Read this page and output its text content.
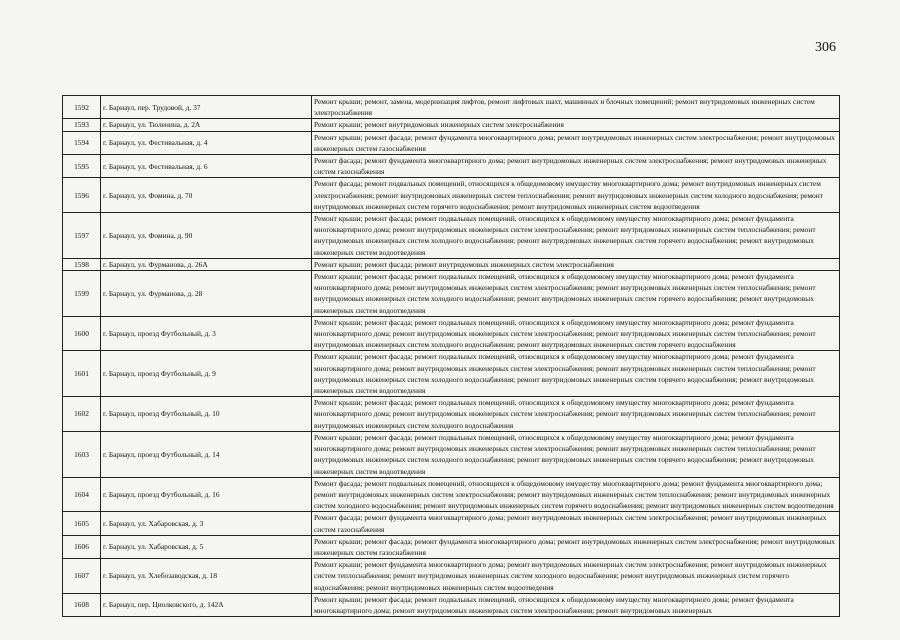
306
1592	г. Барнаул, пер. Трудовой, д. 37	Ремонт крыши; ремонт, замена, модернизация лифтов, ремонт лифтовых шахт, машинных и блочных помещений; ремонт внутридомовых инженерных систем электроснабжения
1593	г. Барнаул, ул. Тюленина, д. 2А	Ремонт крыши; ремонт внутридомовых инженерных систем электроснабжения
1594	г. Барнаул, ул. Фестивальная, д. 4	Ремонт крыши; ремонт фасада; ремонт фундамента многоквартирного дома; ремонт внутридомовых инженерных систем электроснабжения; ремонт внутридомовых инженерных систем газоснабжения
1595	г. Барнаул, ул. Фестивальная, д. 6	Ремонт фасада; ремонт фундамента многоквартирного дома; ремонт внутридомовых инженерных систем электроснабжения; ремонт внутридомовых инженерных систем газоснабжения
1596	г. Барнаул, ул. Фомина, д. 70	Ремонт фасада; ремонт подвальных помещений, относящихся к общедомовому имуществу многоквартирного дома; ремонт внутридомовых инженерных систем электроснабжения; ремонт внутридомовых инженерных систем теплоснабжения; ремонт внутридомовых инженерных систем холодного водоснабжения; ремонт внутридомовых инженерных систем горячего водоснабжения; ремонт внутридомовых инженерных систем водоотведения
1597	г. Барнаул, ул. Фомина, д. 90	Ремонт крыши; ремонт фасада; ремонт подвальных помещений, относящихся к общедомовому имуществу многоквартирного дома; ремонт фундамента многоквартирного дома; ремонт внутридомовых инженерных систем электроснабжения; ремонт внутридомовых инженерных систем теплоснабжения; ремонт внутридомовых инженерных систем холодного водоснабжения; ремонт внутридомовых инженерных систем горячего водоснабжения; ремонт внутридомовых инженерных систем водоотведения
1598	г. Барнаул, ул. Фурманова, д. 26А	Ремонт крыши; ремонт фасада; ремонт внутридомовых инженерных систем электроснабжения
1599	г. Барнаул, ул. Фурманова, д. 28	Ремонт крыши; ремонт фасада; ремонт подвальных помещений, относящихся к общедомовому имуществу многоквартирного дома; ремонт фундамента многоквартирного дома; ремонт внутридомовых инженерных систем электроснабжения; ремонт внутридомовых инженерных систем теплоснабжения; ремонт внутридомовых инженерных систем холодного водоснабжения; ремонт внутридомовых инженерных систем горячего водоснабжения; ремонт внутридомовых инженерных систем водоотведения
1600	г. Барнаул, проезд Футбольный, д. 3	Ремонт крыши; ремонт фасада; ремонт подвальных помещений, относящихся к общедомовому имуществу многоквартирного дома; ремонт фундамента многоквартирного дома; ремонт внутридомовых инженерных систем электроснабжения; ремонт внутридомовых инженерных систем теплоснабжения; ремонт внутридомовых инженерных систем холодного водоснабжения; ремонт внутридомовых инженерных систем горячего водоснабжения
1601	г. Барнаул, проезд Футбольный, д. 9	Ремонт крыши; ремонт фасада; ремонт подвальных помещений, относящихся к общедомовому имуществу многоквартирного дома; ремонт фундамента многоквартирного дома; ремонт внутридомовых инженерных систем электроснабжения; ремонт внутридомовых инженерных систем теплоснабжения; ремонт внутридомовых инженерных систем холодного водоснабжения; ремонт внутридомовых инженерных систем горячего водоснабжения; ремонт внутридомовых инженерных систем водоотведения
1602	г. Барнаул, проезд Футбольный, д. 10	Ремонт крыши; ремонт фасада; ремонт подвальных помещений, относящихся к общедомовому имуществу многоквартирного дома; ремонт фундамента многоквартирного дома; ремонт внутридомовых инженерных систем электроснабжения; ремонт внутридомовых инженерных систем теплоснабжения; ремонт внутридомовых инженерных систем холодного водоснабжения
1603	г. Барнаул, проезд Футбольный, д. 14	Ремонт крыши; ремонт фасада; ремонт подвальных помещений, относящихся к общедомовому имуществу многоквартирного дома; ремонт фундамента многоквартирного дома; ремонт внутридомовых инженерных систем электроснабжения; ремонт внутридомовых инженерных систем теплоснабжения; ремонт внутридомовых инженерных систем холодного водоснабжения; ремонт внутридомовых инженерных систем горячего водоснабжения; ремонт внутридомовых инженерных систем водоотведения
1604	г. Барнаул, проезд Футбольный, д. 16	Ремонт фасада; ремонт подвальных помещений, относящихся к общедомовому имуществу многоквартирного дома; ремонт фундамента многоквартирного дома; ремонт внутридомовых инженерных систем электроснабжения; ремонт внутридомовых инженерных систем теплоснабжения; ремонт внутридомовых инженерных систем холодного водоснабжения; ремонт внутридомовых инженерных систем горячего водоснабжения; ремонт внутридомовых инженерных систем водоотведения
1605	г. Барнаул, ул. Хабаровская, д. 3	Ремонт фасада; ремонт фундамента многоквартирного дома; ремонт внутридомовых инженерных систем электроснабжения; ремонт внутридомовых инженерных систем газоснабжения
1606	г. Барнаул, ул. Хабаровская, д. 5	Ремонт крыши; ремонт фасада; ремонт фундамента многоквартирного дома; ремонт внутридомовых инженерных систем электроснабжения; ремонт внутридомовых инженерных систем газоснабжения
1607	г. Барнаул, ул. Хлебозаводская, д. 18	Ремонт крыши; ремонт фундамента многоквартирного дома; ремонт внутридомовых инженерных систем электроснабжения; ремонт внутридомовых инженерных систем теплоснабжения; ремонт внутридомовых инженерных систем холодного водоснабжения; ремонт внутридомовых инженерных систем горячего водоснабжения; ремонт внутридомовых инженерных систем водоотведения
1608	г. Барнаул, пер. Циолковского, д. 142А	Ремонт крыши; ремонт фасада; ремонт подвальных помещений, относящихся к общедомовому имуществу многоквартирного дома; ремонт фундамента многоквартирного дома; ремонт внутридомовых инженерных систем электроснабжения; ремонт внутридомовых инженерных
